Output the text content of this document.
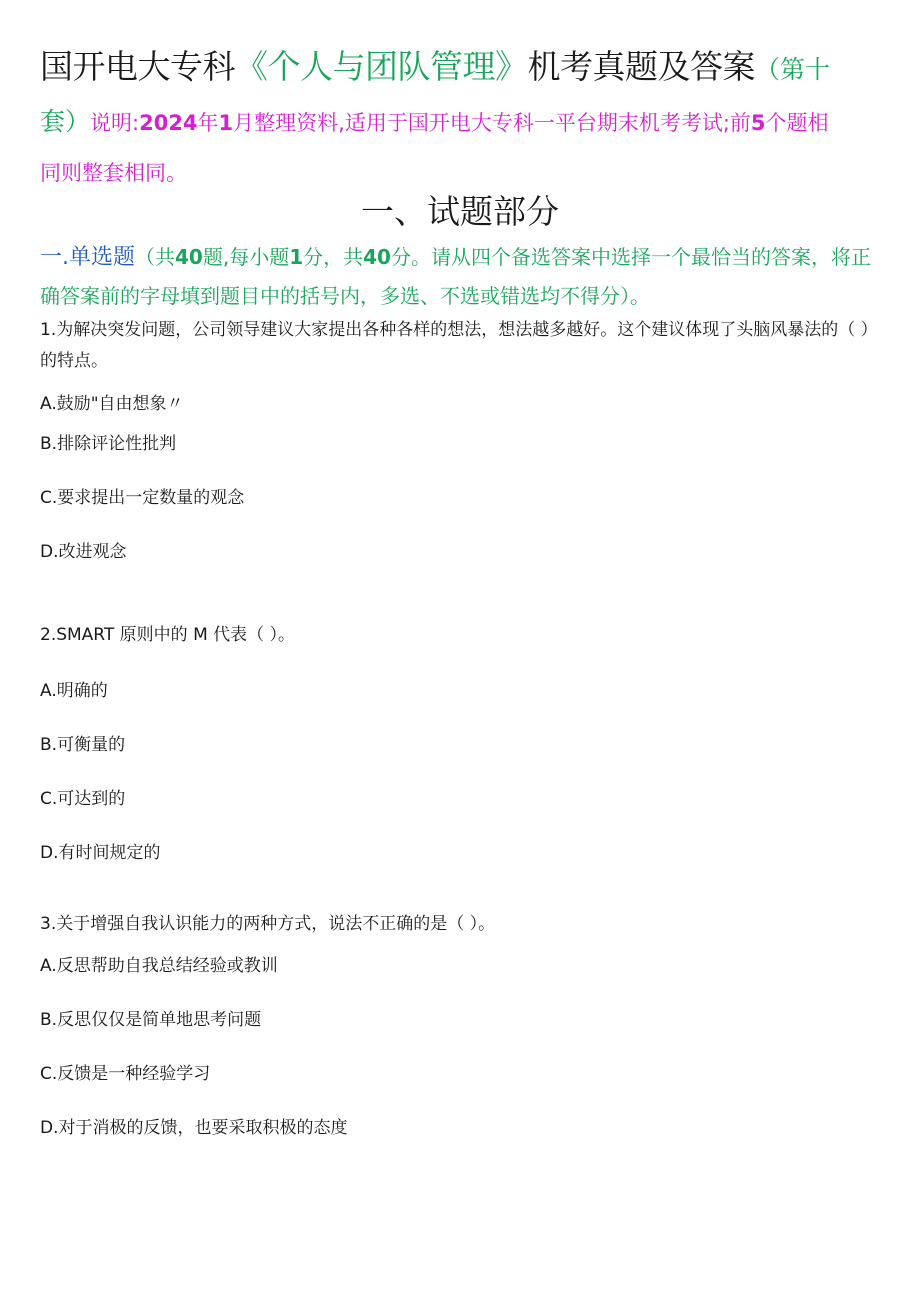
国开电大专科《个人与团队管理》机考真题及答案（第十
套）说明:2024年1月整理资料,适用于国开电大专科一平台期末机考考试;前5个题相
同则整套相同。
一、试题部分
一.单选题（共40题,每小题1分，共40分。请从四个备选答案中选择一个最恰当的答案，将正确答案前的字母填到题目中的括号内，多选、不选或错选均不得分）。
1.为解决突发问题，公司领导建议大家提出各种各样的想法，想法越多越好。这个建议体现了头脑风暴法的（ ）的特点。
A.鼓励"自由想象〃
B.排除评论性批判
C.要求提出一定数量的观念
D.改进观念
2.SMART 原则中的 M 代表（ ）。
A.明确的
B.可衡量的
C.可达到的
D.有时间规定的
3.关于增强自我认识能力的两种方式，说法不正确的是（ ）。
A.反思帮助自我总结经验或教训
B.反思仅仅是简单地思考问题
C.反馈是一种经验学习
D.对于消极的反馈，也要采取积极的态度
